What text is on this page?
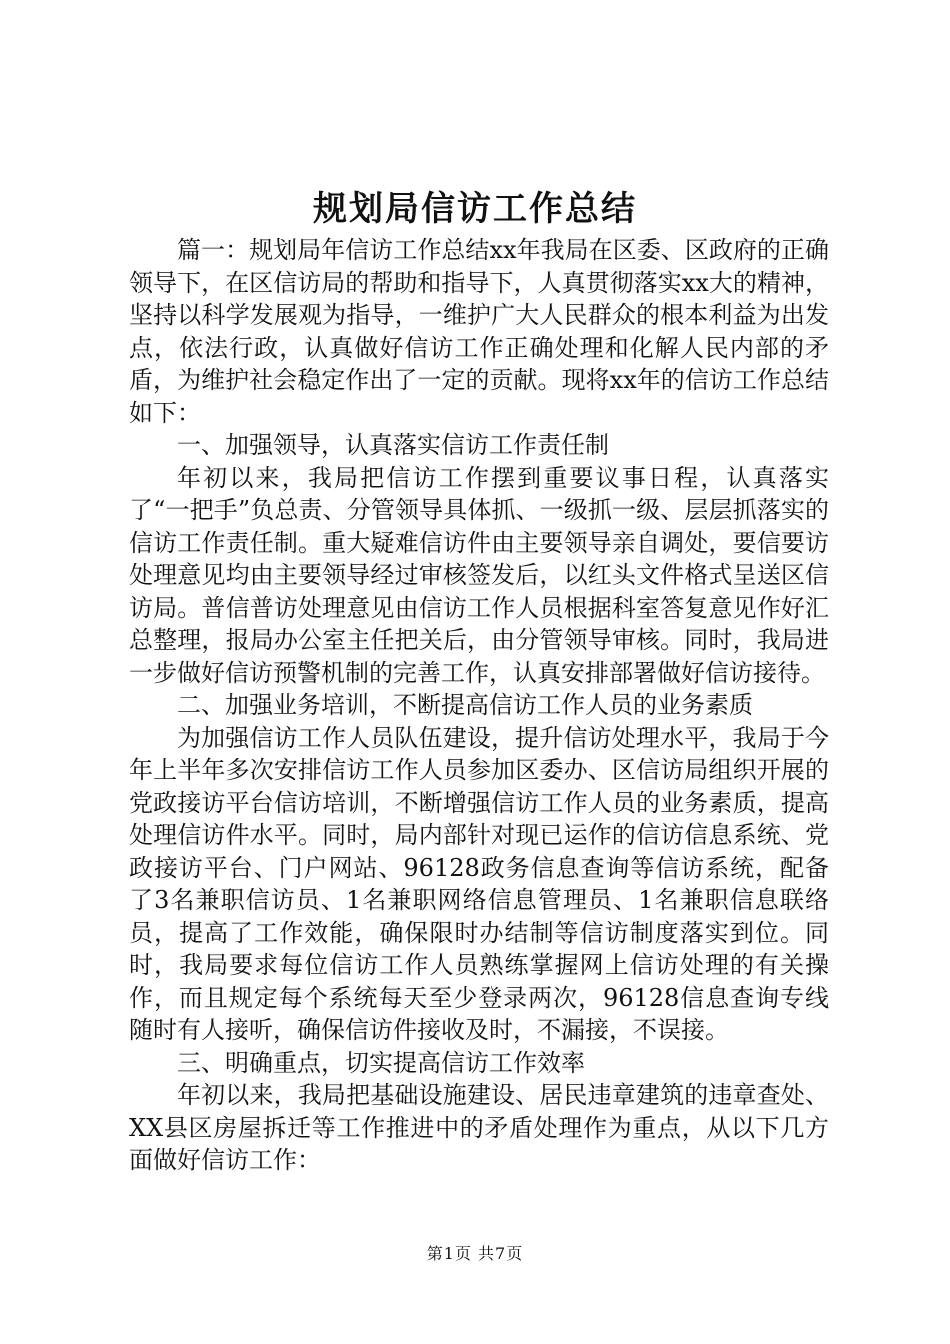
规划局信访工作总结

篇一：规划局年信访工作总结xx年我局在区委、区政府的正确领导下，在区信访局的帮助和指导下，人真贯彻落实xx大的精神，坚持以科学发展观为指导，一维护广大人民群众的根本利益为出发点，依法行政，认真做好信访工作正确处理和化解人民内部的矛盾，为维护社会稳定作出了一定的贡献。现将xx年的信访工作总结如下：

一、加强领导，认真落实信访工作责任制

年初以来，我局把信访工作摆到重要议事日程，认真落实了“一把手”负总责、分管领导具体抓、一级抓一级、层层抓落实的信访工作责任制。重大疑难信访件由主要领导亲自调处，要信要访处理意见均由主要领导经过审核签发后，以红头文件格式呈送区信访局。普信普访处理意见由信访工作人员根据科室答复意见作好汇总整理，报局办公室主任把关后，由分管领导审核。同时，我局进一步做好信访预警机制的完善工作，认真安排部署做好信访接待。

二、加强业务培训，不断提高信访工作人员的业务素质

为加强信访工作人员队伍建设，提升信访处理水平，我局于今年上半年多次安排信访工作人员参加区委办、区信访局组织开展的党政接访平台信访培训，不断增强信访工作人员的业务素质，提高处理信访件水平。同时，局内部针对现已运作的信访信息系统、党政接访平台、门户网站、96128政务信息查询等信访系统，配备了3名兼职信访员、1名兼职网络信息管理员、1名兼职信息联络员，提高了工作效能，确保限时办结制等信访制度落实到位。同时，我局要求每位信访工作人员熟练掌握网上信访处理的有关操作，而且规定每个系统每天至少登录两次，96128信息查询专线随时有人接听，确保信访件接收及时，不漏接，不误接。

三、明确重点，切实提高信访工作效率

年初以来，我局把基础设施建设、居民违章建筑的违章查处、XX县区房屋拆迁等工作推进中的矛盾处理作为重点，从以下几方面做好信访工作：

第1页 共7页
